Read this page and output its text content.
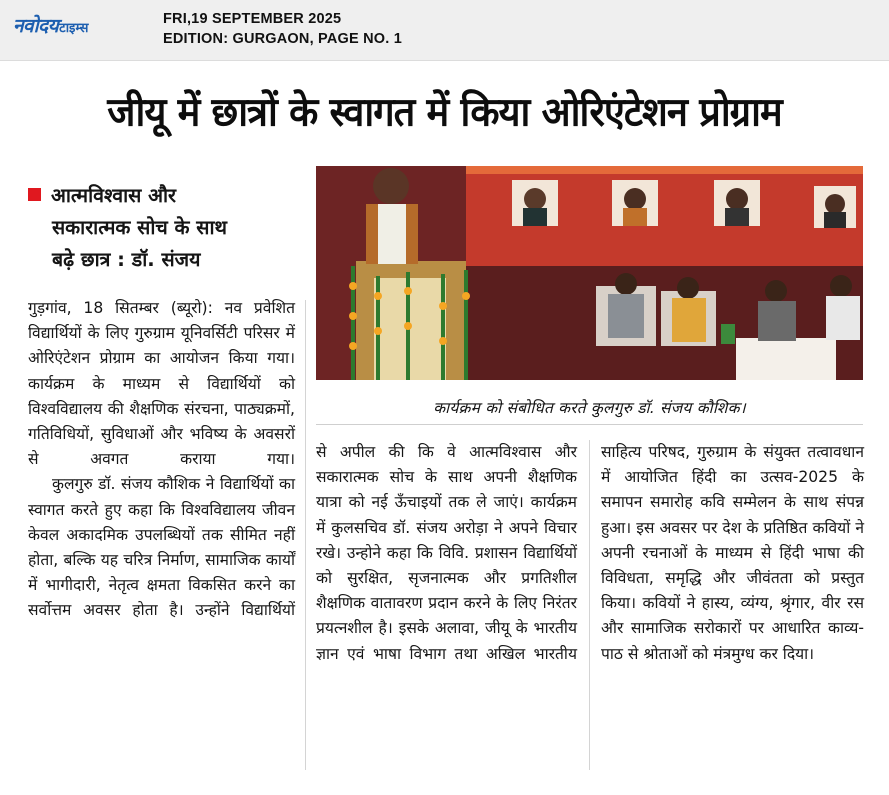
नवोदयटाइम्स
FRI,19 SEPTEMBER 2025
EDITION: GURGAON, PAGE NO. 1
जीयू में छात्रों के स्वागत में किया ओरिएंटेशन प्रोग्राम
आत्मविश्वास और
सकारात्मक सोच के साथ
बढ़े छात्र : डॉ. संजय

गुड़गांव, 18 सितम्बर (ब्यूरो): नव प्रवेशित विद्यार्थियों के लिए गुरुग्राम यूनिवर्सिटी परिसर में ओरिएंटेशन प्रोग्राम का आयोजन किया गया। कार्यक्रम के माध्यम से विद्यार्थियों को विश्वविद्यालय की शैक्षणिक संरचना, पाठ्यक्रमों, गतिविधियों, सुविधाओं और भविष्य के अवसरों से अवगत कराया गया।

कुलगुरु डॉ. संजय कौशिक ने विद्यार्थियों का स्वागत करते हुए कहा कि विश्वविद्यालय जीवन केवल अकादमिक उपलब्धियों तक सीमित नहीं होता, बल्कि यह चरित्र निर्माण, सामाजिक कार्यों में भागीदारी, नेतृत्व क्षमता विकसित करने का सर्वोत्तम अवसर होता है। उन्होंने विद्यार्थियों

कार्यक्रम को संबोधित करते कुलगुरु डॉ. संजय कौशिक।

से अपील की कि वे आत्मविश्वास और सकारात्मक सोच के साथ अपनी शैक्षणिक यात्रा को नई ऊँचाइयों तक ले जाएं। कार्यक्रम में कुलसचिव डॉ. संजय अरोड़ा ने अपने विचार रखे। उन्होने कहा कि विवि. प्रशासन विद्यार्थियों को सुरक्षित, सृजनात्मक और प्रगतिशील शैक्षणिक वातावरण प्रदान करने के लिए निरंतर प्रयत्नशील है। इसके अलावा, जीयू के भारतीय ज्ञान एवं भाषा विभाग तथा अखिल भारतीय

साहित्य परिषद, गुरुग्राम के संयुक्त तत्वावधान में आयोजित हिंदी का उत्सव-2025 के समापन समारोह कवि सम्मेलन के साथ संपन्न हुआ। इस अवसर पर देश के प्रतिष्ठित कवियों ने अपनी रचनाओं के माध्यम से हिंदी भाषा की विविधता, समृद्धि और जीवंतता को प्रस्तुत किया। कवियों ने हास्य, व्यंग्य, श्रृंगार, वीर रस और सामाजिक सरोकारों पर आधारित काव्य-पाठ से श्रोताओं को मंत्रमुग्ध कर दिया।
